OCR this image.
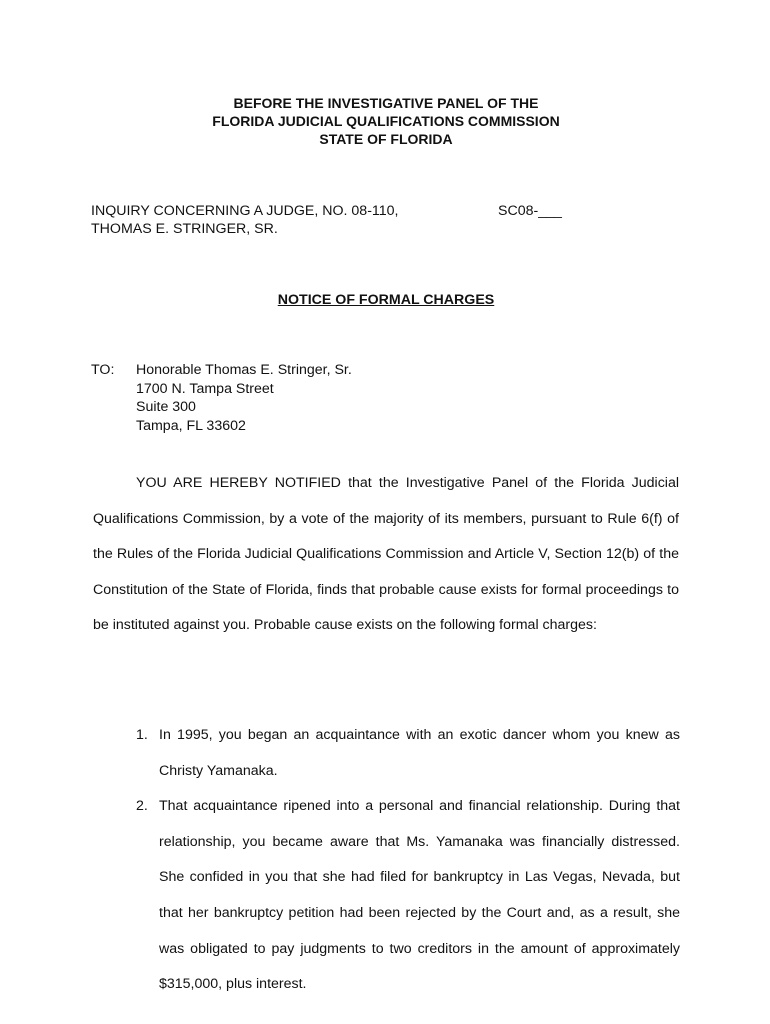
BEFORE THE INVESTIGATIVE PANEL OF THE
FLORIDA JUDICIAL QUALIFICATIONS COMMISSION
STATE OF FLORIDA
INQUIRY CONCERNING A JUDGE, NO. 08-110,
THOMAS E. STRINGER, SR.
SC08-___
NOTICE OF FORMAL CHARGES
TO: Honorable Thomas E. Stringer, Sr.
1700 N. Tampa Street
Suite 300
Tampa, FL 33602
YOU ARE HEREBY NOTIFIED that the Investigative Panel of the Florida Judicial Qualifications Commission, by a vote of the majority of its members, pursuant to Rule 6(f) of the Rules of the Florida Judicial Qualifications Commission and Article V, Section 12(b) of the Constitution of the State of Florida, finds that probable cause exists for formal proceedings to be instituted against you. Probable cause exists on the following formal charges:
1. In 1995, you began an acquaintance with an exotic dancer whom you knew as Christy Yamanaka.
2. That acquaintance ripened into a personal and financial relationship. During that relationship, you became aware that Ms. Yamanaka was financially distressed. She confided in you that she had filed for bankruptcy in Las Vegas, Nevada, but that her bankruptcy petition had been rejected by the Court and, as a result, she was obligated to pay judgments to two creditors in the amount of approximately $315,000, plus interest.
